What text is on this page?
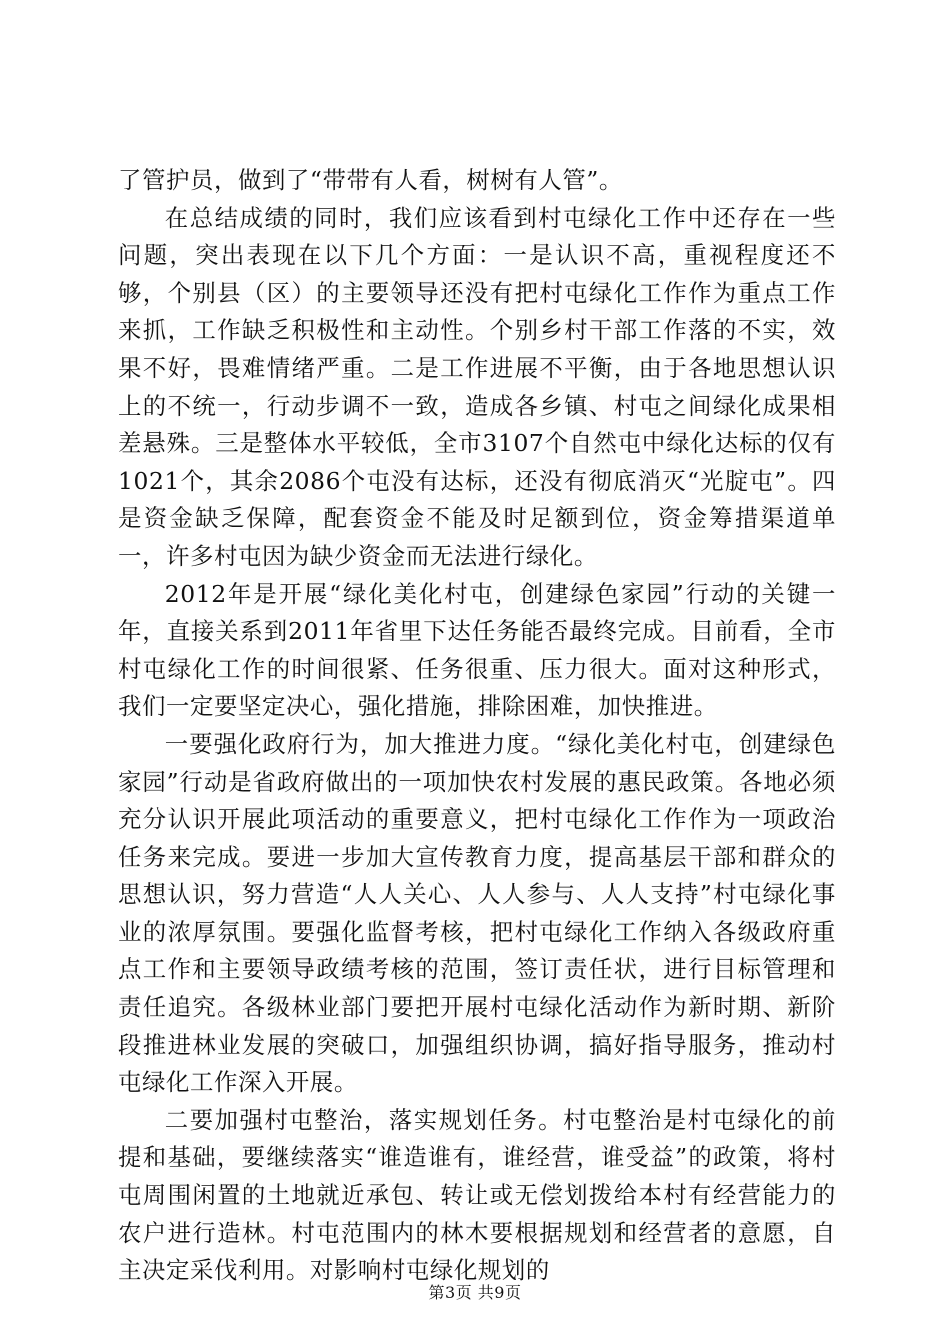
了管护员，做到了“带带有人看，树树有人管”。

在总结成绩的同时，我们应该看到村屯绿化工作中还存在一些问题，突出表现在以下几个方面：一是认识不高，重视程度还不够，个别县（区）的主要领导还没有把村屯绿化工作作为重点工作来抓，工作缺乏积极性和主动性。个别乡村干部工作落的不实，效果不好，畏难情绪严重。二是工作进展不平衡，由于各地思想认识上的不统一，行动步调不一致，造成各乡镇、村屯之间绿化成果相差悬殊。三是整体水平较低，全市3107个自然屯中绿化达标的仅有1021个，其余2086个屯没有达标，还没有彻底消灭“光腚屯”。四是资金缺乏保障，配套资金不能及时足额到位，资金筹措渠道单一，许多村屯因为缺少资金而无法进行绿化。

2012年是开展“绿化美化村屯，创建绿色家园”行动的关键一年，直接关系到2011年省里下达任务能否最终完成。目前看，全市村屯绿化工作的时间很紧、任务很重、压力很大。面对这种形式，我们一定要坚定决心，强化措施，排除困难，加快推进。

一要强化政府行为，加大推进力度。“绿化美化村屯，创建绿色家园”行动是省政府做出的一项加快农村发展的惠民政策。各地必须充分认识开展此项活动的重要意义，把村屯绿化工作作为一项政治任务来完成。要进一步加大宣传教育力度，提高基层干部和群众的思想认识，努力营造“人人关心、人人参与、人人支持”村屯绿化事业的浓厚氛围。要强化监督考核，把村屯绿化工作纳入各级政府重点工作和主要领导政绩考核的范围，签订责任状，进行目标管理和责任追究。各级林业部门要把开展村屯绿化活动作为新时期、新阶段推进林业发展的突破口，加强组织协调，搞好指导服务，推动村屯绿化工作深入开展。

二要加强村屯整治，落实规划任务。村屯整治是村屯绿化的前提和基础，要继续落实“谁造谁有，谁经营，谁受益”的政策，将村屯周围闲置的土地就近承包、转让或无偿划拨给本村有经营能力的农户进行造林。村屯范围内的林木要根据规划和经营者的意愿，自主决定采伐利用。对影响村屯绿化规划的

第3页 共9页
